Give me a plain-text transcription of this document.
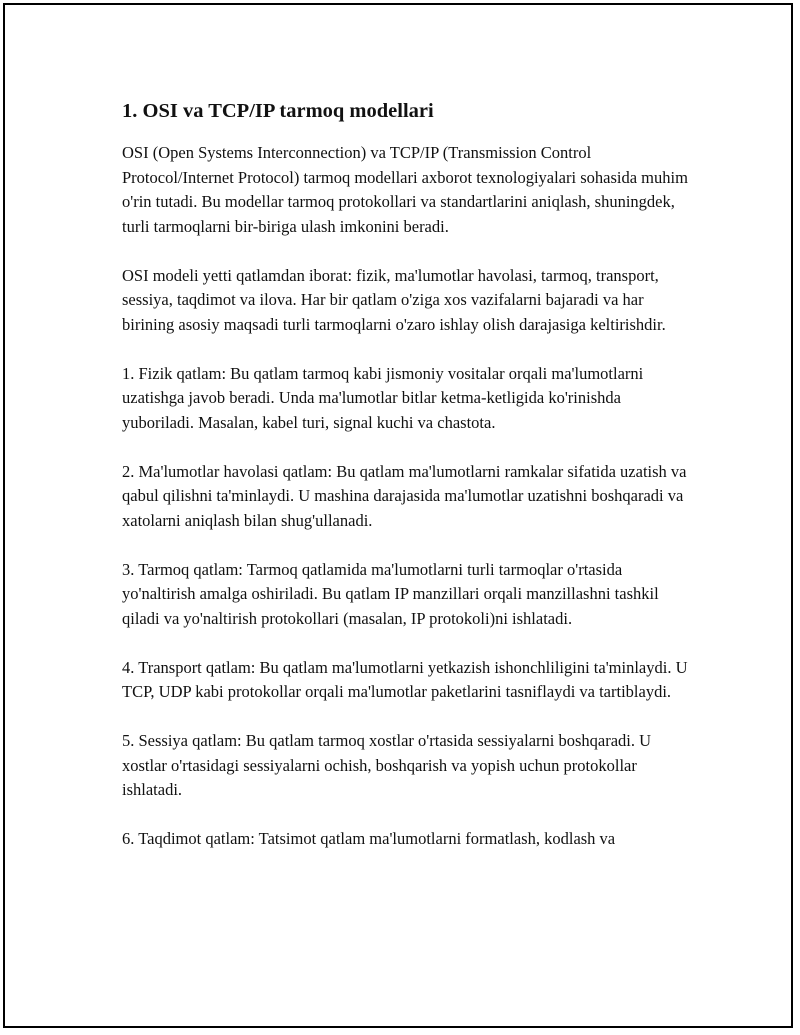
1. OSI va TCP/IP tarmoq modellari

OSI (Open Systems Interconnection) va TCP/IP (Transmission Control Protocol/Internet Protocol) tarmoq modellari axborot texnologiyalari sohasida muhim o'rin tutadi. Bu modellar tarmoq protokollari va standartlarini aniqlash, shuningdek, turli tarmoqlarni bir-biriga ulash imkonini beradi.

OSI modeli yetti qatlamdan iborat: fizik, ma'lumotlar havolasi, tarmoq, transport, sessiya, taqdimot va ilova. Har bir qatlam o'ziga xos vazifalarni bajaradi va har birining asosiy maqsadi turli tarmoqlarni o'zaro ishlay olish darajasiga keltirishdir.

1. Fizik qatlam: Bu qatlam tarmoq kabi jismoniy vositalar orqali ma'lumotlarni uzatishga javob beradi. Unda ma'lumotlar bitlar ketma-ketligida ko'rinishda yuboriladi. Masalan, kabel turi, signal kuchi va chastota.

2. Ma'lumotlar havolasi qatlam: Bu qatlam ma'lumotlarni ramkalar sifatida uzatish va qabul qilishni ta'minlaydi. U mashina darajasida ma'lumotlar uzatishni boshqaradi va xatolarni aniqlash bilan shug'ullanadi.

3. Tarmoq qatlam: Tarmoq qatlamida ma'lumotlarni turli tarmoqlar o'rtasida yo'naltirish amalga oshiriladi. Bu qatlam IP manzillari orqali manzillashni tashkil qiladi va yo'naltirish protokollari (masalan, IP protokoli)ni ishlatadi.

4. Transport qatlam: Bu qatlam ma'lumotlarni yetkazish ishonchliligini ta'minlaydi. U TCP, UDP kabi protokollar orqali ma'lumotlar paketlarini tasniflaydi va tartiblaydi.

5. Sessiya qatlam: Bu qatlam tarmoq xostlar o'rtasida sessiyalarni boshqaradi. U xostlar o'rtasidagi sessiyalarni ochish, boshqarish va yopish uchun protokollar ishlatadi.

6. Taqdimot qatlam: Tatsimot qatlam ma'lumotlarni formatlash, kodlash va
